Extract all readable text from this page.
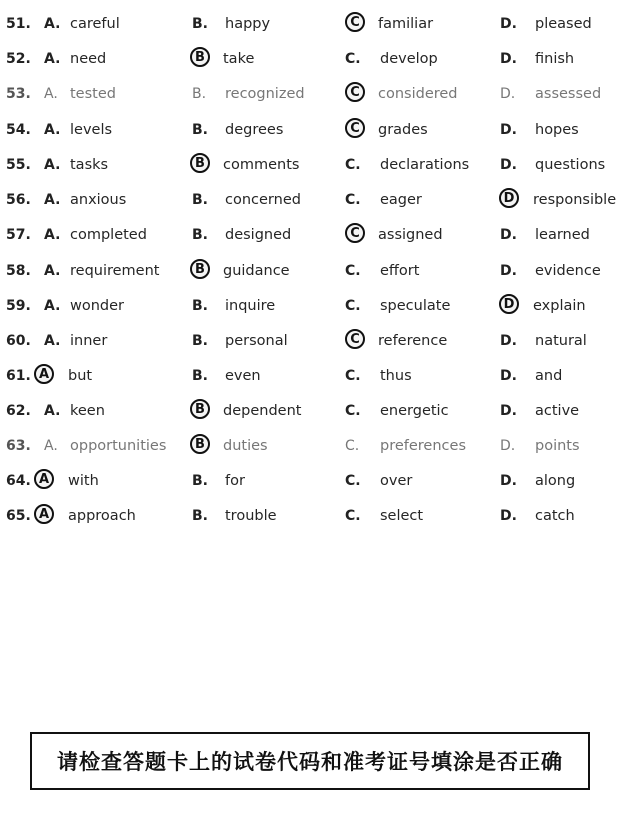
51. A. careful	B. happy	C	familiar	D. pleased
52. A. need	B	take	C. develop	D. finish
53. A. tested	B. recognized	C	considered	D. assessed
54. A. levels	B. degrees	C	grades	D. hopes
55. A. tasks	B	comments	C. declarations D. questions
56. A. anxious	B. concerned	C. eager	D	responsible
57. A. completed	B. designed	C	assigned	D. learned
58. A. requirement	B	guidance	C. effort	D. evidence
59. A. wonder	B. inquire	C. speculate	D	explain
60. A. inner	B. personal	C	reference	D. natural
61. A	but	B. even	C. thus	D. and
62. A. keen	B	dependent	C. energetic	D. active
63. A. opportunities	B	duties	C. preferences D. points
64. A	with	B. for	C. over	D. along
65. A	approach	B. trouble	C. select	D. catch
请检查答题卡上的试卷代码和准考证号填涂是否正确
